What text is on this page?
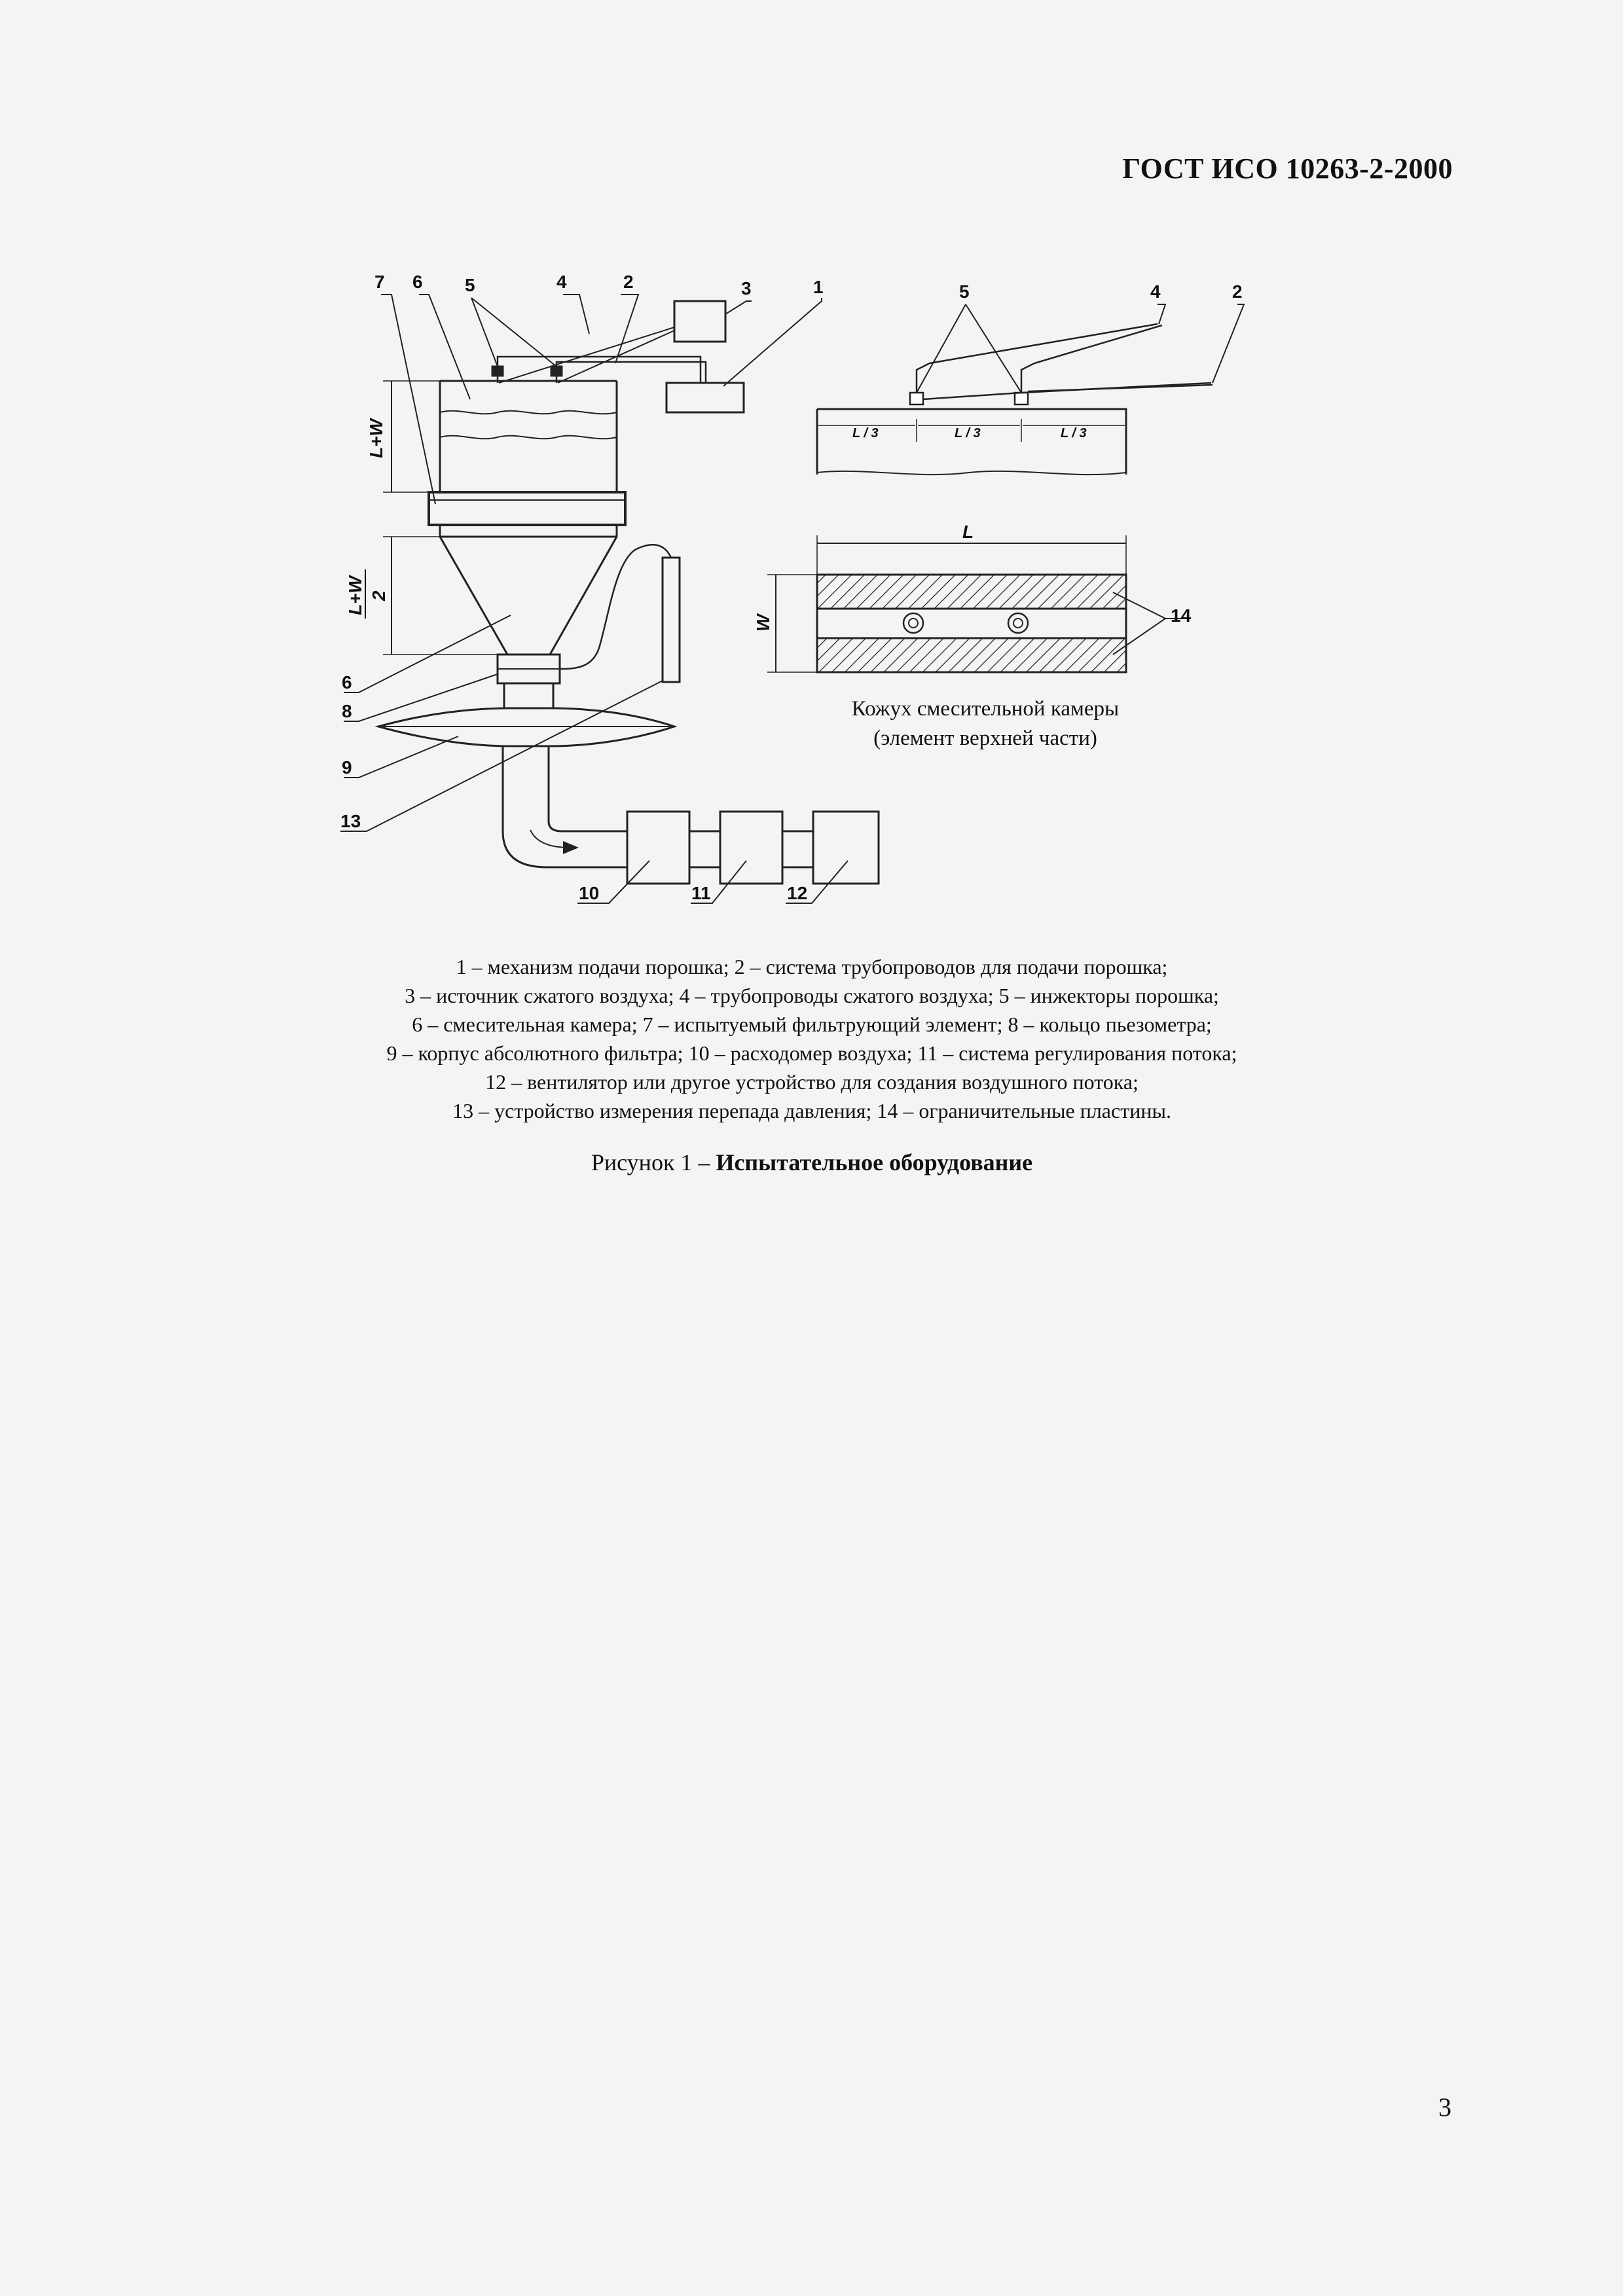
ГОСТ ИСО 10263-2-2000
7 6 5	4	2	3	1
6
8
9
13
10	11	12
5	4	2
14
L+W
L+W 2
L / 3	L / 3	L / 3
L
W
Кожух смесительной камеры
(элемент верхней части)
1 – механизм подачи порошка; 2 – система трубопроводов для подачи порошка;
3 – источник сжатого воздуха; 4 – трубопроводы сжатого воздуха; 5 – инжекторы порошка;
6 – смесительная камера; 7 – испытуемый фильтрующий элемент; 8 – кольцо пьезометра;
9 – корпус абсолютного фильтра; 10 – расходомер воздуха; 11 – система регулирования потока;
12 – вентилятор или другое устройство для создания воздушного потока;
13 – устройство измерения перепада давления; 14 – ограничительные пластины.
Рисунок 1 – Испытательное оборудование
3
